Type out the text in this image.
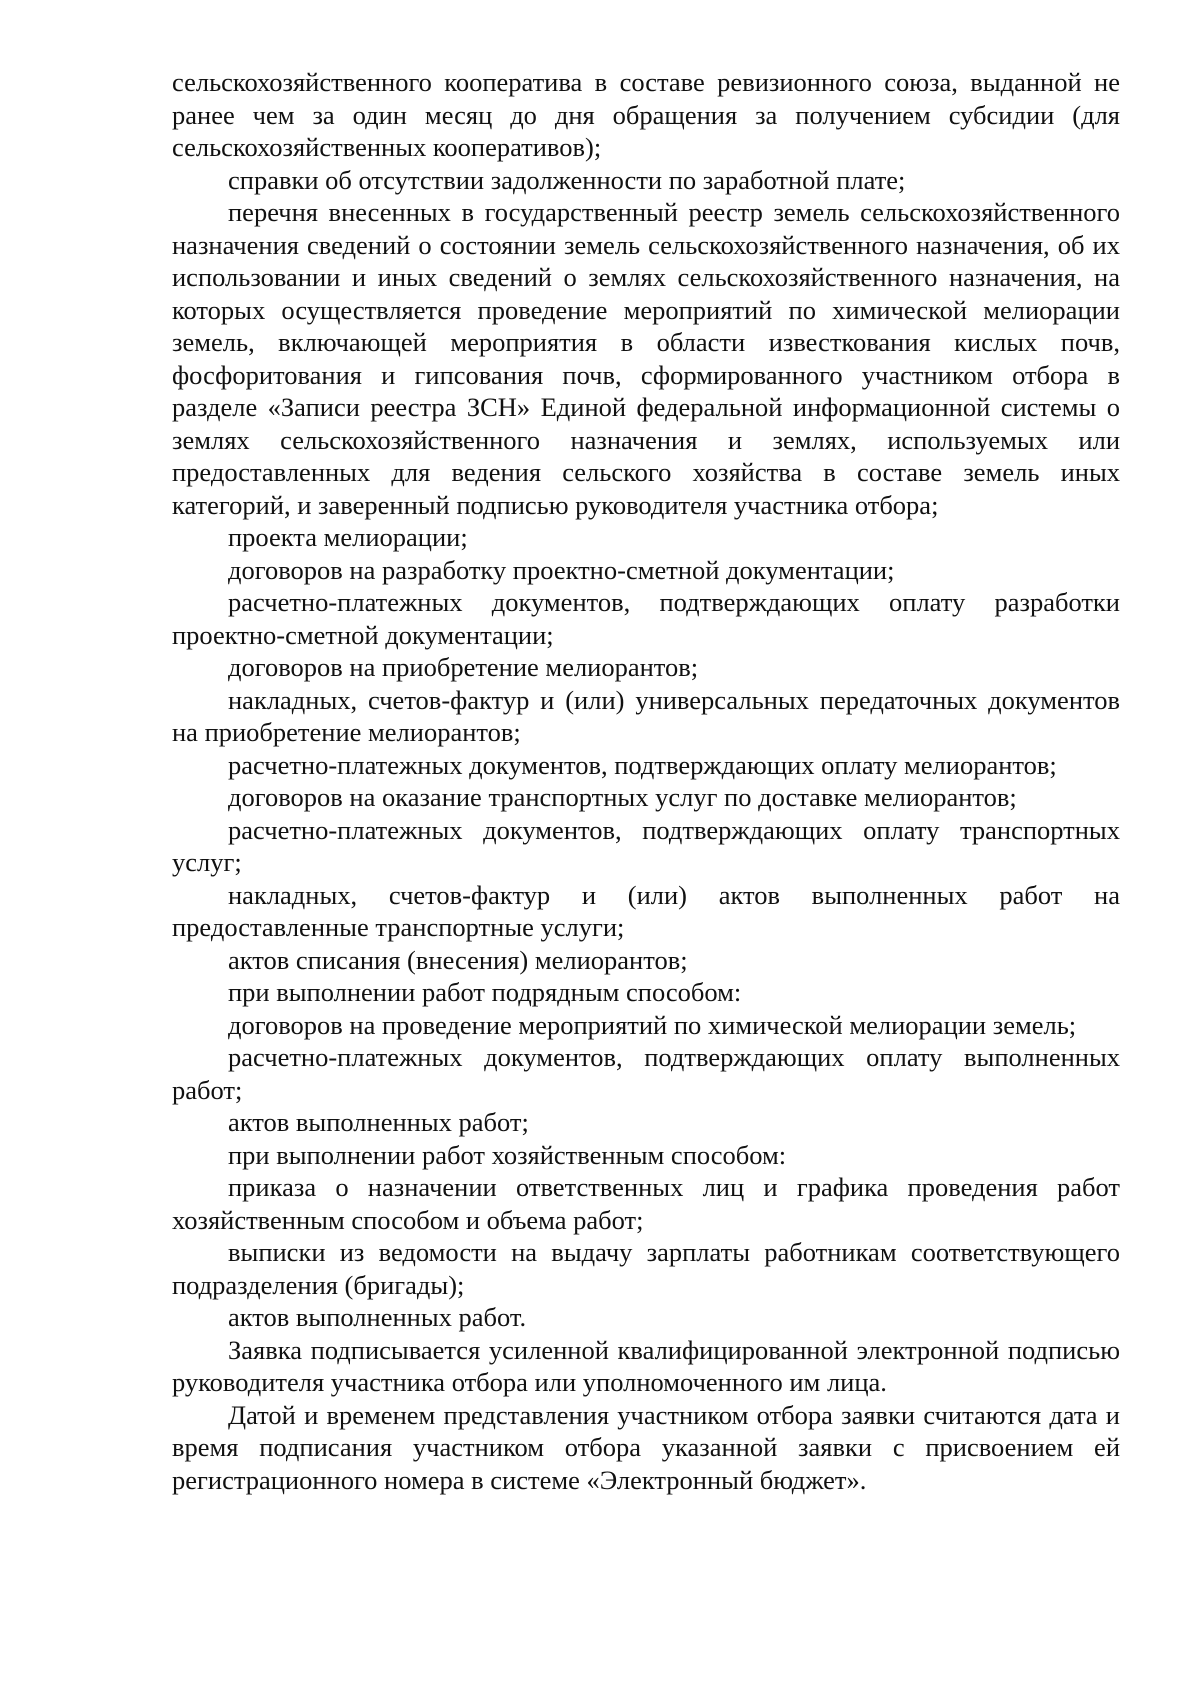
сельскохозяйственного кооператива в составе ревизионного союза, выданной не ранее чем за один месяц до дня обращения за получением субсидии (для сельскохозяйственных кооперативов);

справки об отсутствии задолженности по заработной плате;

перечня внесенных в государственный реестр земель сельскохозяйственного назначения сведений о состоянии земель сельскохозяйственного назначения, об их использовании и иных сведений о землях сельскохозяйственного назначения, на которых осуществляется проведение мероприятий по химической мелиорации земель, включающей мероприятия в области известкования кислых почв, фосфоритования и гипсования почв, сформированного участником отбора в разделе «Записи реестра ЗСН» Единой федеральной информационной системы о землях сельскохозяйственного назначения и землях, используемых или предоставленных для ведения сельского хозяйства в составе земель иных категорий, и заверенный подписью руководителя участника отбора;

проекта мелиорации;

договоров на разработку проектно-сметной документации;

расчетно-платежных документов, подтверждающих оплату разработки проектно-сметной документации;

договоров на приобретение мелиорантов;

накладных, счетов-фактур и (или) универсальных передаточных документов на приобретение мелиорантов;

расчетно-платежных документов, подтверждающих оплату мелиорантов;

договоров на оказание транспортных услуг по доставке мелиорантов;

расчетно-платежных документов, подтверждающих оплату транспортных услуг;

накладных, счетов-фактур и (или) актов выполненных работ на предоставленные транспортные услуги;

актов списания (внесения) мелиорантов;

при выполнении работ подрядным способом:

договоров на проведение мероприятий по химической мелиорации земель;

расчетно-платежных документов, подтверждающих оплату выполненных работ;

актов выполненных работ;

при выполнении работ хозяйственным способом:

приказа о назначении ответственных лиц и графика проведения работ хозяйственным способом и объема работ;

выписки из ведомости на выдачу зарплаты работникам соответствующего подразделения (бригады);

актов выполненных работ.

Заявка подписывается усиленной квалифицированной электронной подписью руководителя участника отбора или уполномоченного им лица.

Датой и временем представления участником отбора заявки считаются дата и время подписания участником отбора указанной заявки с присвоением ей регистрационного номера в системе «Электронный бюджет».
